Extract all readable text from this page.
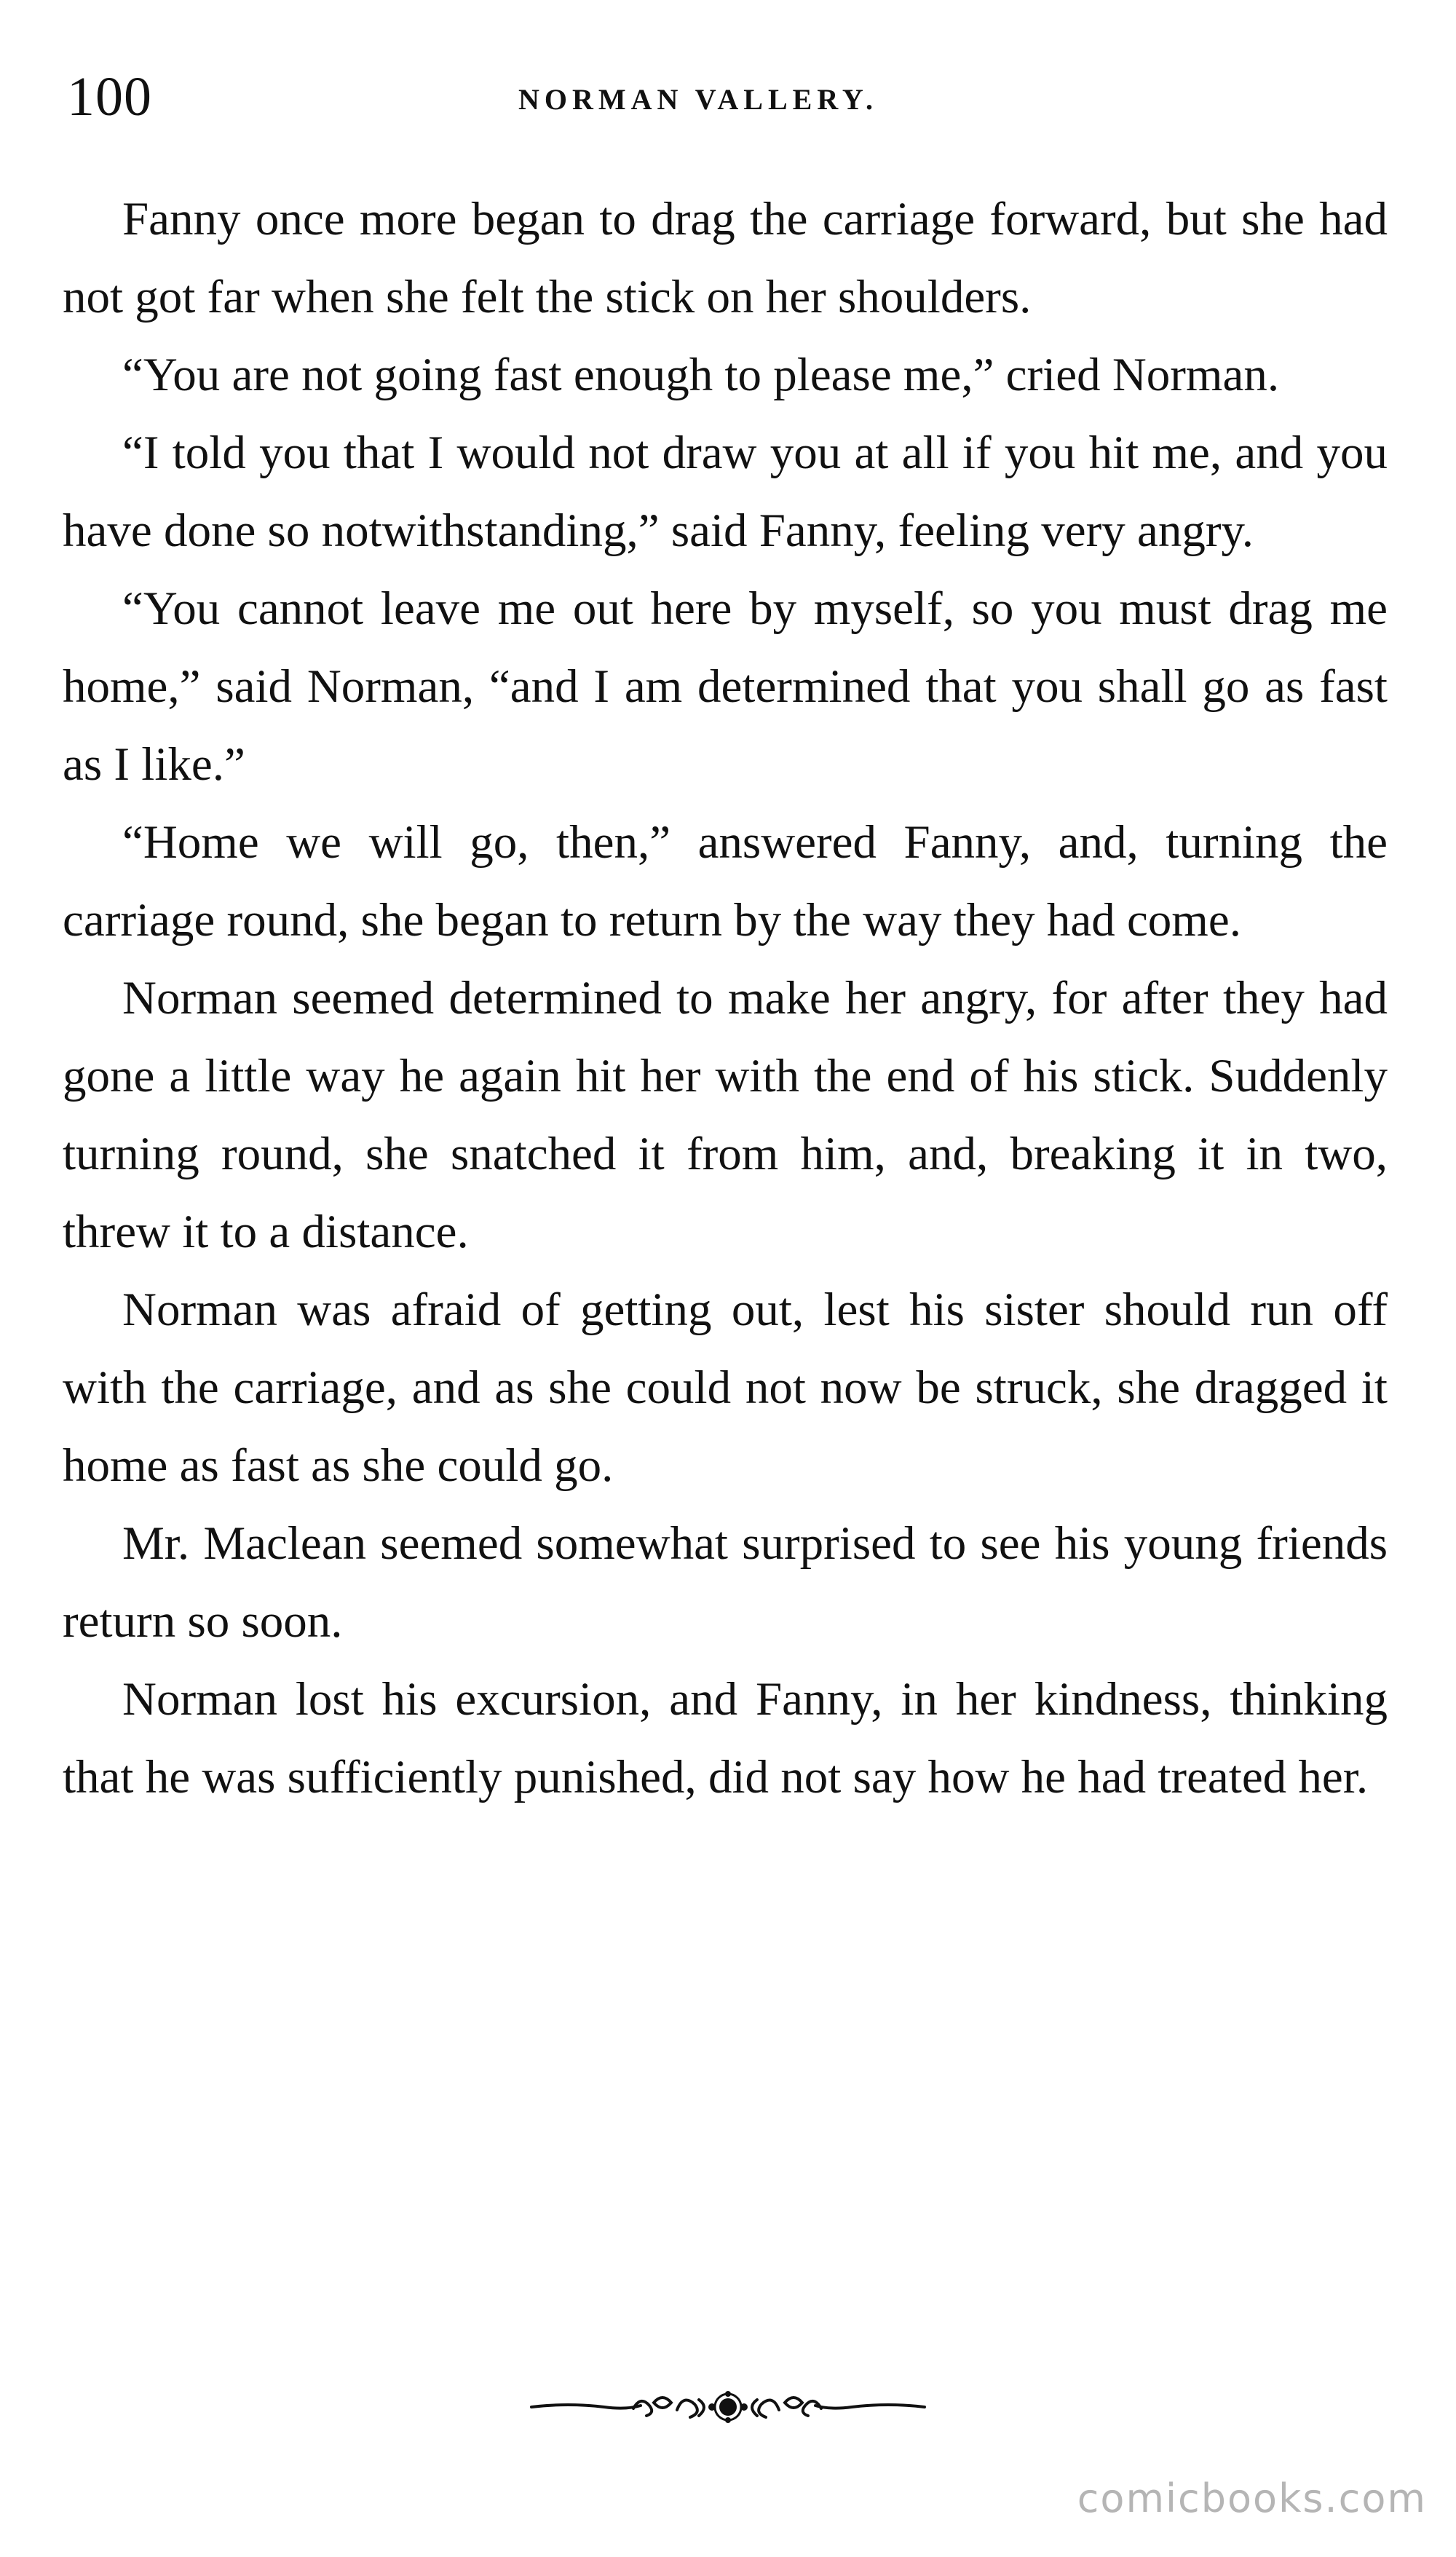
100	NORMAN VALLERY.

Fanny once more began to drag the carriage forward, but she had not got far when she felt the stick on her shoulders.

“You are not going fast enough to please me,” cried Norman.

“I told you that I would not draw you at all if you hit me, and you have done so notwithstanding,” said Fanny, feeling very angry.

“You cannot leave me out here by myself, so you must drag me home,” said Norman, “and I am determined that you shall go as fast as I like.”

“Home we will go, then,” answered Fanny, and, turning the carriage round, she began to return by the way they had come.

Norman seemed determined to make her angry, for after they had gone a little way he again hit her with the end of his stick. Suddenly turning round, she snatched it from him, and, breaking it in two, threw it to a distance.

Norman was afraid of getting out, lest his sister should run off with the carriage, and as she could not now be struck, she dragged it home as fast as she could go.

Mr. Maclean seemed somewhat surprised to see his young friends return so soon.

Norman lost his excursion, and Fanny, in her kindness, thinking that he was sufficiently punished, did not say how he had treated her.

comicbooks.com
